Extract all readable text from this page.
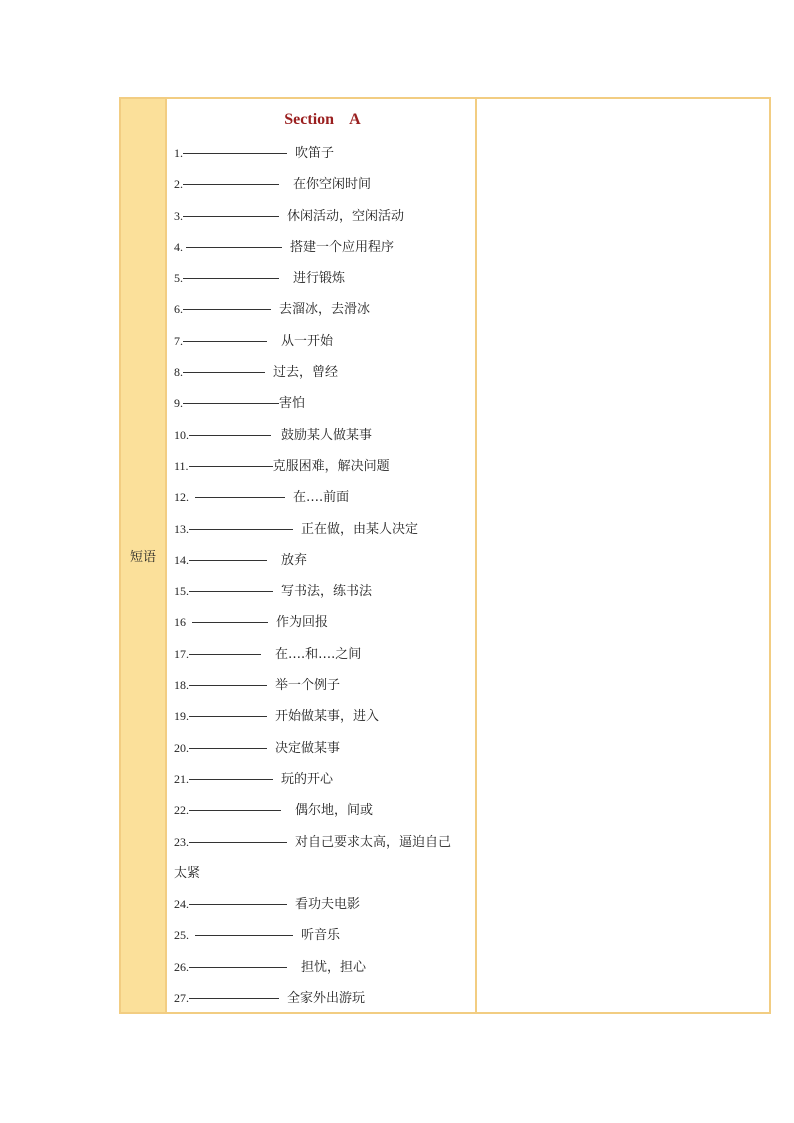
短语
Section A
1.	吹笛子
2.	在你空闲时间
3.	休闲活动，空闲活动
4.	搭建一个应用程序
5.	进行锻炼
6.	去溜冰，去滑冰
7.	从一开始
8.	过去，曾经
9.	害怕
10.	鼓励某人做某事
11.	克服困难，解决问题
12.	在….前面
13.	正在做，由某人决定
14.	放弃
15.	写书法，练书法
16	作为回报
17.	在….和….之间
18.	举一个例子
19.	开始做某事，进入
20.	决定做某事
21.	玩的开心
22.	偶尔地，间或
23.	对自己要求太高，逼迫自己
太紧
24.	看功夫电影
25.	听音乐
26.	担忧，担心
27.	全家外出游玩
